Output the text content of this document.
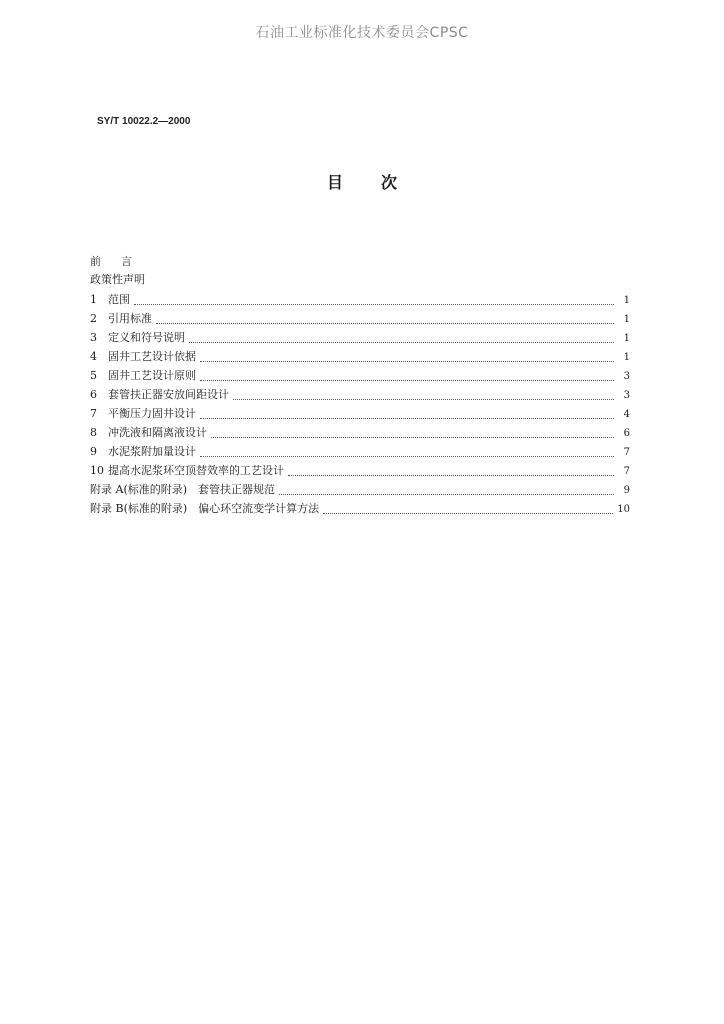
石油工业标准化技术委员会CPSC
SY/T 10022.2—2000
目次
前言
政策性声明
1	范围	1
2	引用标准	1
3	定义和符号说明	1
4	固井工艺设计依据	1
5	固井工艺设计原则	3
6	套管扶正器安放间距设计	3
7	平衡压力固井设计	4
8	冲洗液和隔离液设计	6
9	水泥浆附加量设计	7
10 提高水泥浆环空顶替效率的工艺设计	7
附录 A(标准的附录)　套管扶正器规范	9
附录 B(标准的附录)　偏心环空流变学计算方法	10
